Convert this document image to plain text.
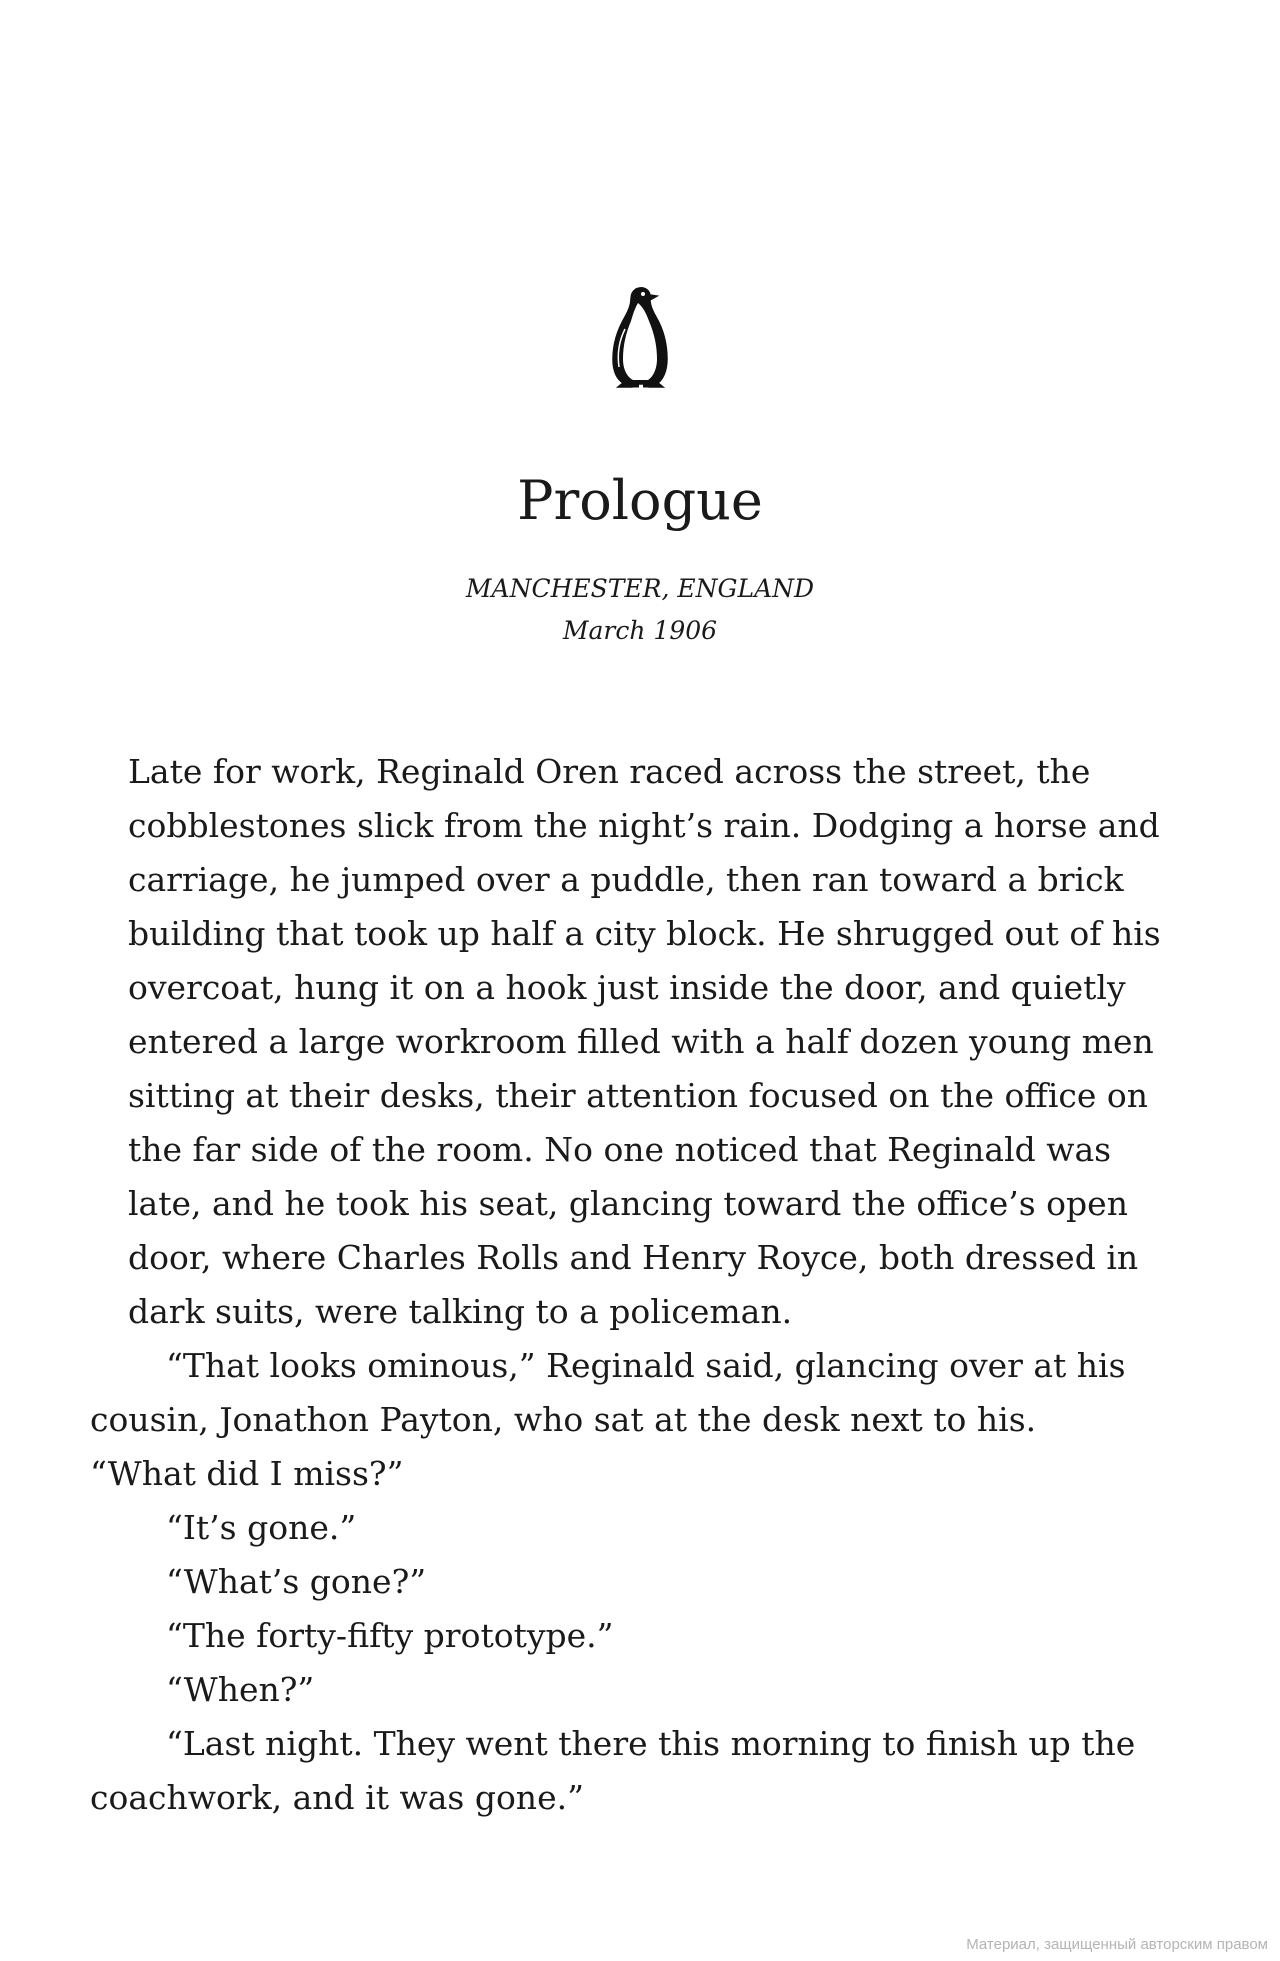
Prologue
MANCHESTER, ENGLAND
March 1906

Late for work, Reginald Oren raced across the street, the
cobblestones slick from the night’s rain. Dodging a horse and
carriage, he jumped over a puddle, then ran toward a brick
building that took up half a city block. He shrugged out of his
overcoat, hung it on a hook just inside the door, and quietly
entered a large workroom filled with a half dozen young men
sitting at their desks, their attention focused on the office on
the far side of the room. No one noticed that Reginald was
late, and he took his seat, glancing toward the office’s open
door, where Charles Rolls and Henry Royce, both dressed in
dark suits, were talking to a policeman.

“That looks ominous,” Reginald said, glancing over at his
cousin, Jonathon Payton, who sat at the desk next to his.
“What did I miss?”

“It’s gone.”

“What’s gone?”

“The forty-fifty prototype.”

“When?”

“Last night. They went there this morning to finish up the
coachwork, and it was gone.”

Материал, защищенный авторским правом
